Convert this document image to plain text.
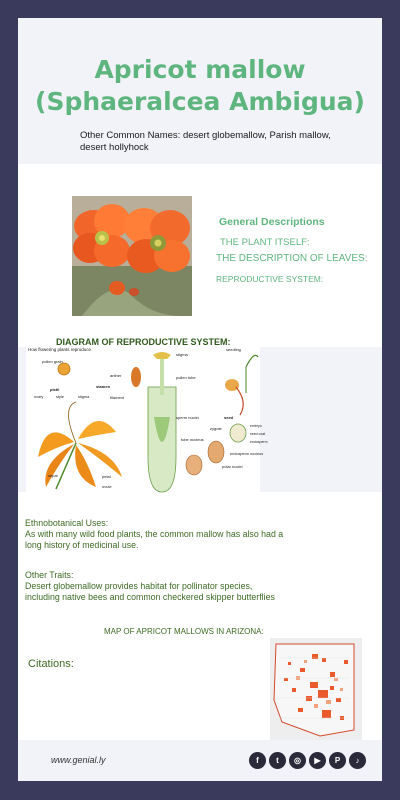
Apricot mallow
(Sphaeralcea Ambigua)
Other Common Names: desert globemallow, Parish mallow, desert hollyhock
General Descriptions
THE PLANT ITSELF:
THE DESCRIPTION OF LEAVES:
REPRODUCTIVE SYSTEM:
DIAGRAM OF REPRODUCTIVE SYSTEM:
How flowering plants reproduce
pollen grain
anther
stamen
filament
pistil
ovary	style	stigma
sepal	petal
ovule
stigma
pollen tube
sperm nuclei
tube nucleus
polar nuclei
zygote
endosperm nucleus
seed
embryo
seed coat
endosperm
seedling
Ethnobotanical Uses:
As with many wild food plants, the common mallow has also had a long history of medicinal use.
Other Traits:
Desert globemallow provides habitat for pollinator species, including native bees and common checkered skipper butterflies
MAP OF APRICOT MALLOWS IN ARIZONA:
Citations:
www.genial.ly	f	t	◎	▶	P	♪
